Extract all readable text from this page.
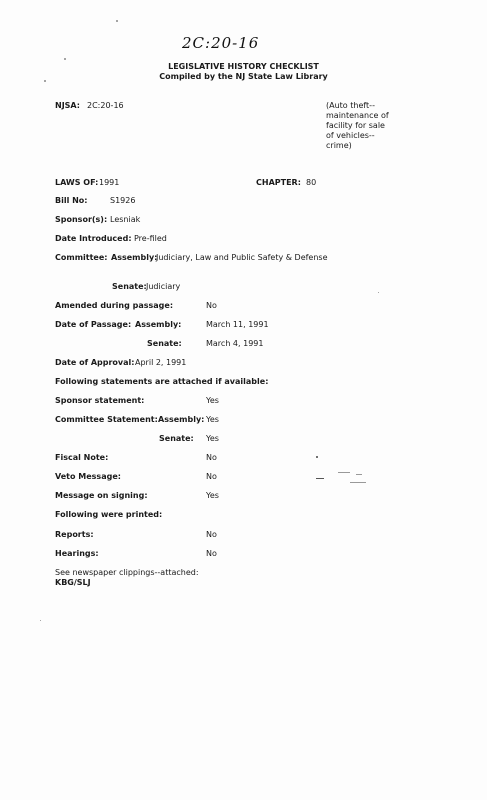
2C:20-16
LEGISLATIVE HISTORY CHECKLIST
Compiled by the NJ State Law Library
NJSA: 2C:20-16	(Auto theft--
maintenance of
facility for sale
of vehicles--
crime)
LAWS OF: 1991	CHAPTER: 80
Bill No:	S1926
Sponsor(s): Lesniak
Date Introduced: Pre-filed
Committee: Assembly:
Judiciary, Law and Public Safety & Defense
Senate: Judiciary
Amended during passage:	No
Date of Passage: Assembly:	March 11, 1991
Senate:	March 4, 1991
Date of Approval: April 2, 1991
Following statements are attached if available:
Sponsor statement:	Yes
Committee Statement: Assembly: Yes
Senate: Yes
Fiscal Note:	No
Veto Message:	No
Message on signing:	Yes
Following were printed:
Reports:	No
Hearings:	No
See newspaper clippings--attached:
KBG/SLJ
